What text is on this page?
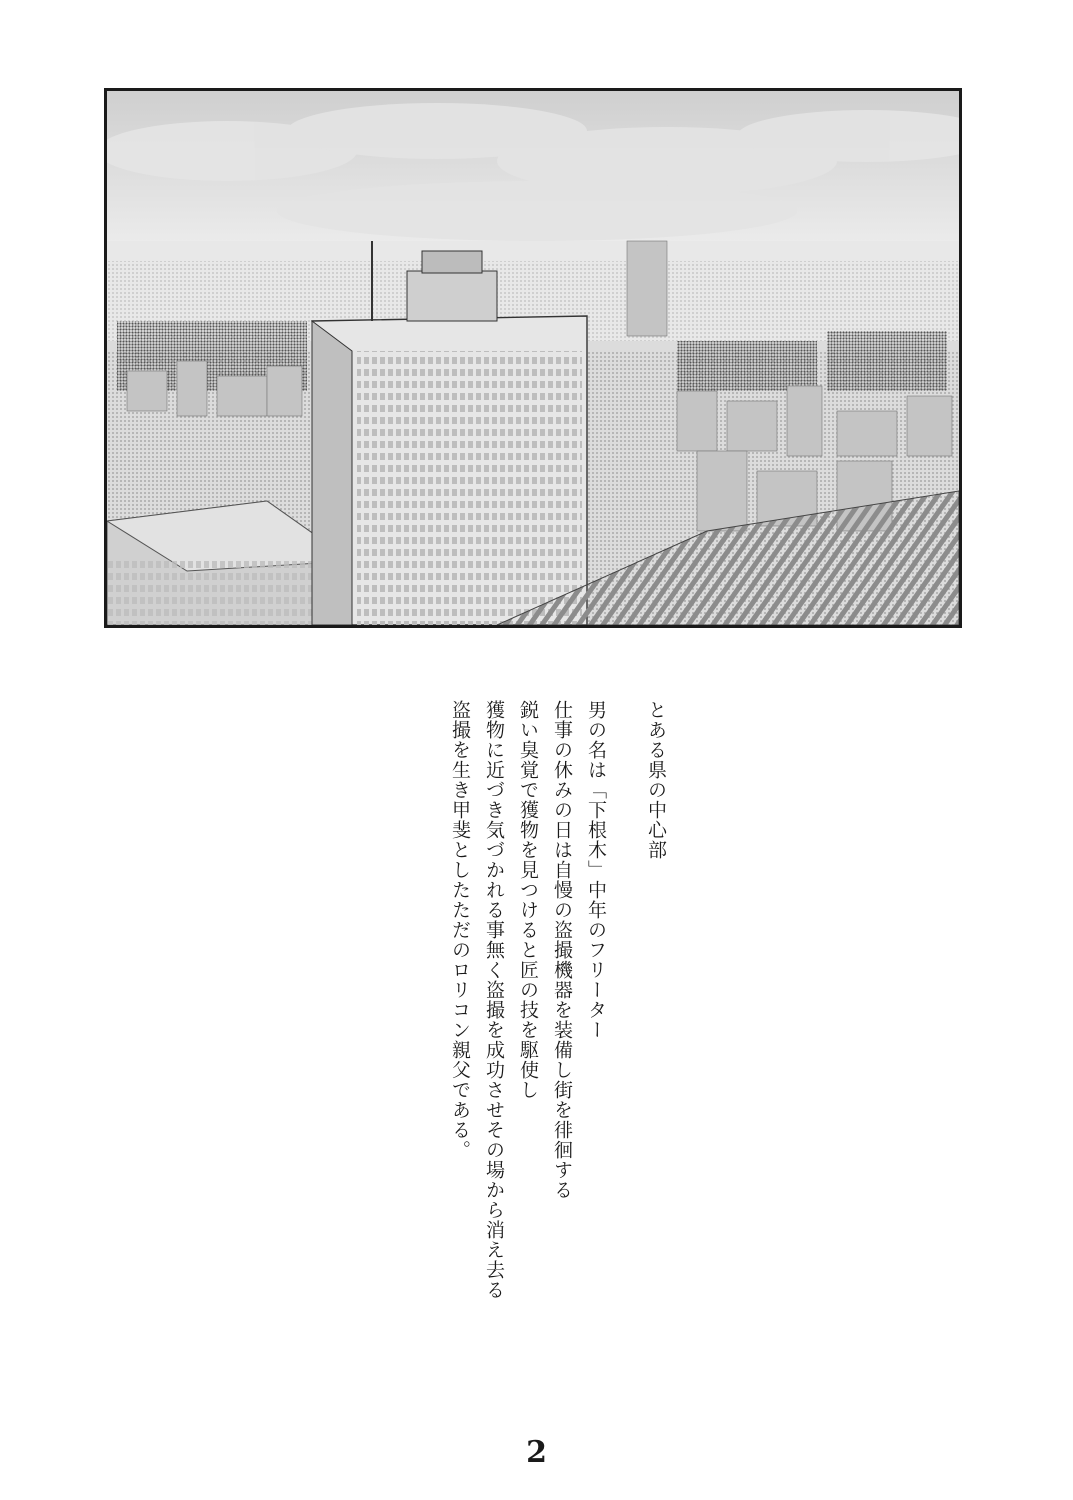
とある県の中心部
男の名は「下根木」中年のフリーター
仕事の休みの日は自慢の盗撮機器を装備し街を徘徊する
鋭い臭覚で獲物を見つけると匠の技を駆使し
獲物に近づき気づかれる事無く盗撮を成功させその場から消え去る
盗撮を生き甲斐としたただのロリコン親父である。
2
